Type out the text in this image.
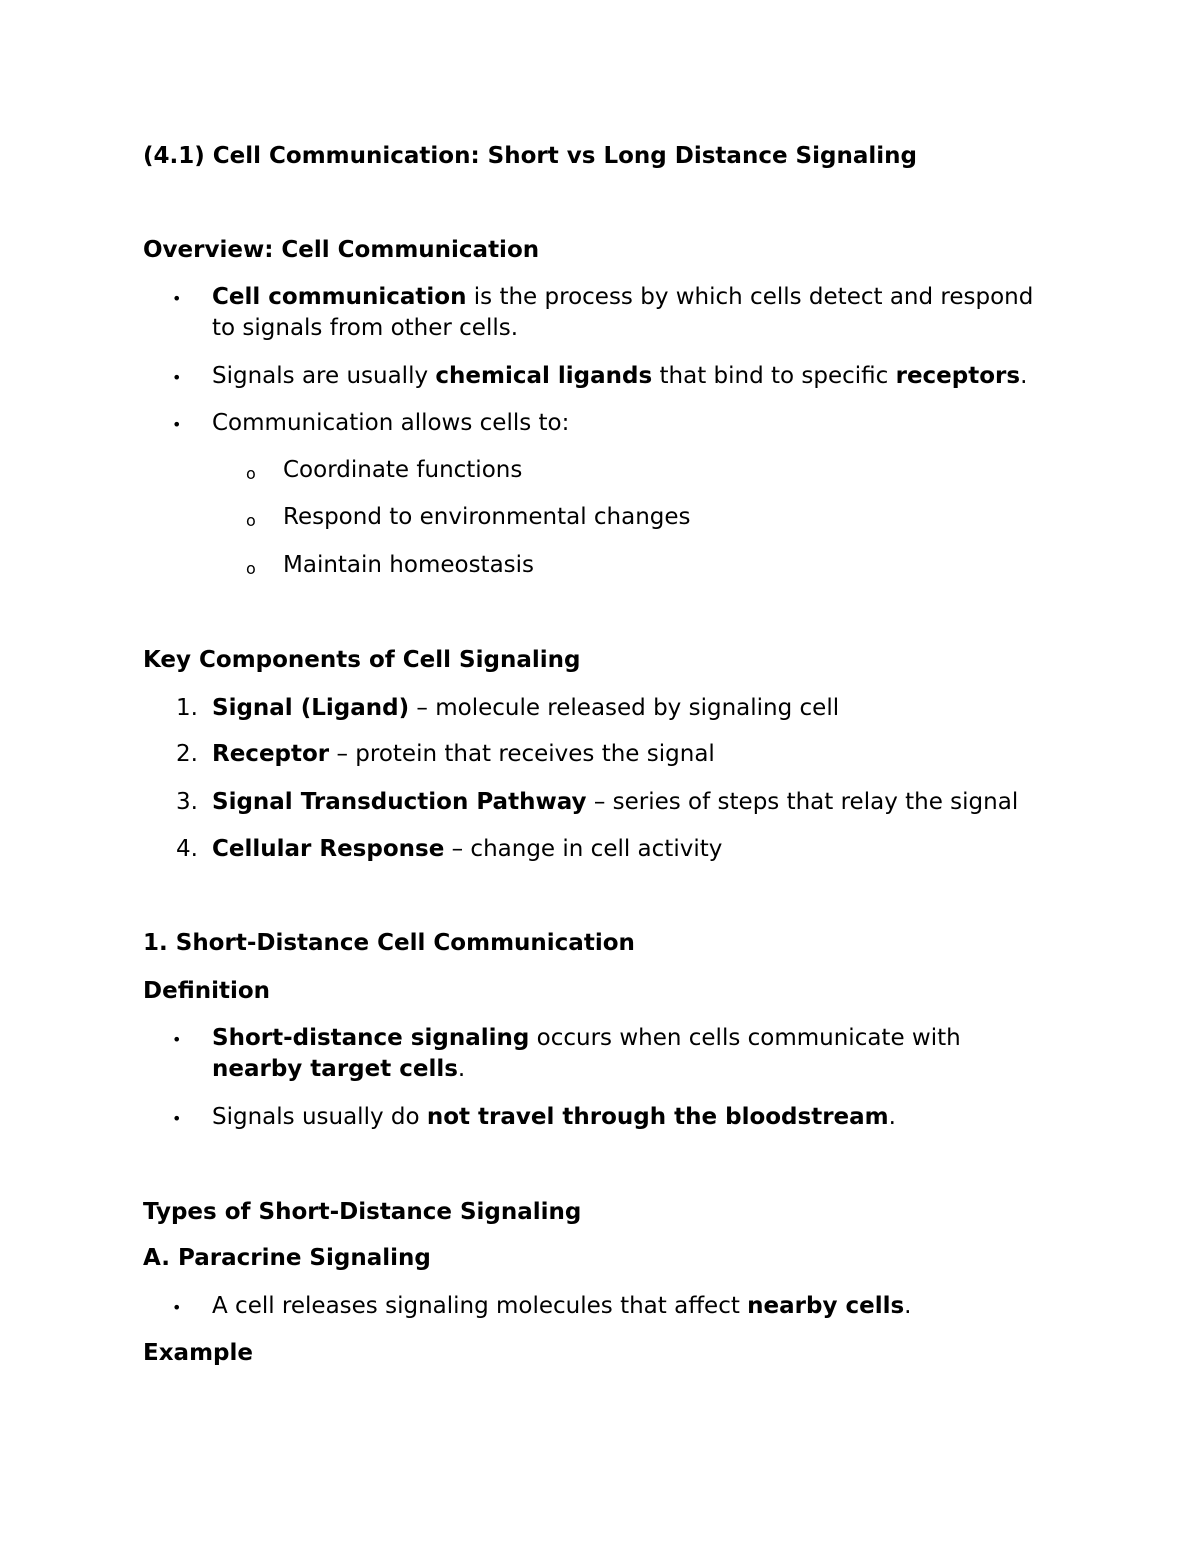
(4.1) Cell Communication: Short vs Long Distance Signaling
Overview: Cell Communication
• Cell communication is the process by which cells detect and respond to signals from other cells.
• Signals are usually chemical ligands that bind to specific receptors.
• Communication allows cells to:
o Coordinate functions
o Respond to environmental changes
o Maintain homeostasis
Key Components of Cell Signaling
1. Signal (Ligand) – molecule released by signaling cell
2. Receptor – protein that receives the signal
3. Signal Transduction Pathway – series of steps that relay the signal
4. Cellular Response – change in cell activity
1. Short-Distance Cell Communication
Definition
• Short-distance signaling occurs when cells communicate with nearby target cells.
• Signals usually do not travel through the bloodstream.
Types of Short-Distance Signaling
A. Paracrine Signaling
• A cell releases signaling molecules that affect nearby cells.
Example
